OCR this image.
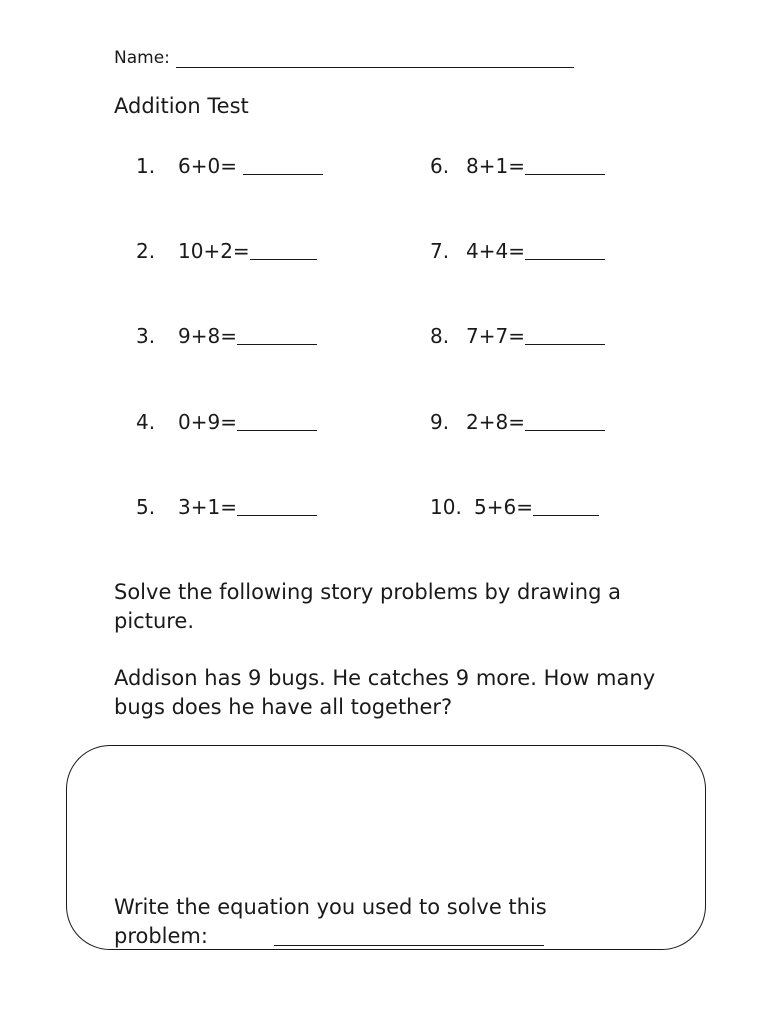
Name:
Addition Test
1.	6+0=
2.	10+2=
3.	9+8=
4.	0+9=
5.	3+1=
6. 8+1=
7. 4+4=
8. 7+7=
9. 2+8=
10. 5+6=
Solve the following story problems by drawing a picture.
Addison has 9 bugs. He catches 9 more. How many bugs does he have all together?
Write the equation you used to solve this
problem:
